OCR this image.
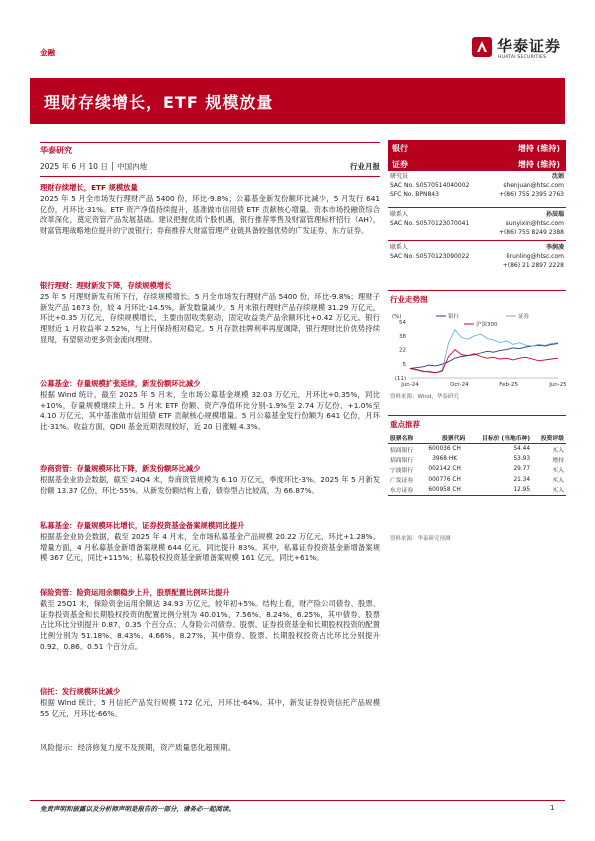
金融	华泰证券
HUATAI SECURITIES
理财存续增长，ETF 规模放量
华泰研究
2025 年 6 月 10 日 │ 中国内地	行业月报
理财存续增长，ETF 规模放量
2025 年 5 月全市场发行理财产品 5400 份，环比-9.8%；公募基金新发份额环比减少，5 月发行 641 亿份，月环比-31%。ETF 资产净值持续提升，基准做市信用债 ETF 贡献核心增量。资本市场投融资综合改革深化，奠定资管产品发展基础。建议把握优质个股机遇，银行推荐零售及财富管理标杆招行（AH），财富管理战略地位提升的宁波银行；券商推荐大财富管理产业链具备较强优势的广发证券、东方证券。
银行理财：理财新发下降，存续规模增长
25 年 5 月理财新发有所下行，存续规模增长。5 月全市场发行理财产品 5400 份，环比-9.8%；理财子新发产品 1673 份，较 4 月环比-14.5%，新发数量减少。5 月末银行理财产品存续规模 31.29 万亿元，环比+0.35 万亿元，存续规模增长，主要由固收类驱动，固定收益类产品余额环比+0.42 万亿元。银行理财近 1 月收益率 2.52%，与上月保持相对稳定。5 月存款挂牌利率再度调降，银行理财比价优势持续显现，有望驱动更多资金流向理财。
公募基金：存量规模扩张延续，新发份额环比减少
根据 Wind 统计，截至 2025 年 5 月末，全市场公募基金规模 32.03 万亿元，月环比+0.35%，同比+10%，存量规模继续上升。5 月末 ETF 份额、资产净值环比分别-1.9%至 2.74 万亿份、+1.0%至 4.10 万亿元，其中基准做市信用债 ETF 贡献核心规模增量。5 月公募基金发行份额为 641 亿份，月环比-31%。收益方面，QDII 基金近期表现较好，近 20 日涨幅 4.3%。
券商资管：存量规模环比下降，新发份额环比减少
根据基金业协会数据，截至 24Q4 末，券商资管规模为 6.10 万亿元，季度环比-3%。2025 年 5 月新发份额 13.37 亿份，环比-55%。从新发份额结构上看，债券型占比较高，为 66.87%。
私募基金：存量规模环比增长，证券投资基金备案规模同比提升
根据基金业协会数据，截至 2025 年 4 月末，全市场私募基金产品规模 20.22 万亿元，环比+1.28%。增量方面，4 月私募基金新增备案规模 644 亿元，同比提升 83%。其中，私募证券投资基金新增备案规模 367 亿元，同比+115%；私募股权投资基金新增备案规模 161 亿元，同比+61%。
保险资管：险资运用余额稳步上升，股票配置比例环比提升
截至 25Q1 末，保险资金运用余额达 34.93 万亿元，较年初+5%。结构上看，财产险公司债券、股票、证券投资基金和长期股权投资的配置比例分别为 40.01%、7.56%、8.24%、6.25%，其中债券、股票占比环比分别提升 0.87、0.35 个百分点；人身险公司债券、股票、证券投资基金和长期股权投资的配置比例分别为 51.18%、8.43%、4.66%、8.27%，其中债券、股票、长期股权投资占比环比分别提升 0.92、0.86、0.51 个百分点。
信托：发行规模环比减少
根据 Wind 统计，5 月信托产品发行规模 172 亿元，月环比-64%。其中，新发证券投资信托产品规模 55 亿元，月环比-66%。
风险提示：经济修复力度不及预期，资产质量恶化超预期。
银行	增持 (维持)
证券	增持 (维持)
研究员	沈娟
SAC No. S0570514040002	shenjuan@htsc.com
SFC No. BPN843	+(86) 755 2395 2763
联系人	孙辰瑞
SAC No. S0570123070041	sunyixin@htsc.com
+(86) 755 8249 2388
联系人	李润凌
SAC No. S0570123090022	lirunling@htsc.com
+(86) 21 2897 2228
行业走势图
(%)
(11)
5
22
38
54
Jun-24	Oct-24	Feb-25	Jun-25
银行	证券
沪深300
资料来源：Wind，华泰研究
重点推荐
股票名称	股票代码	目标价 (当地币种)	投资评级
招商银行	600036 CH	54.44	买入
招商银行	3968 HK	53.93	增持
宁波银行	002142 CH	29.77	买入
广发证券	000776 CH	21.34	买入
东方证券	600958 CH	12.95	买入
资料来源：华泰研究预测
免责声明和披露以及分析师声明是报告的一部分，请务必一起阅读。	1
